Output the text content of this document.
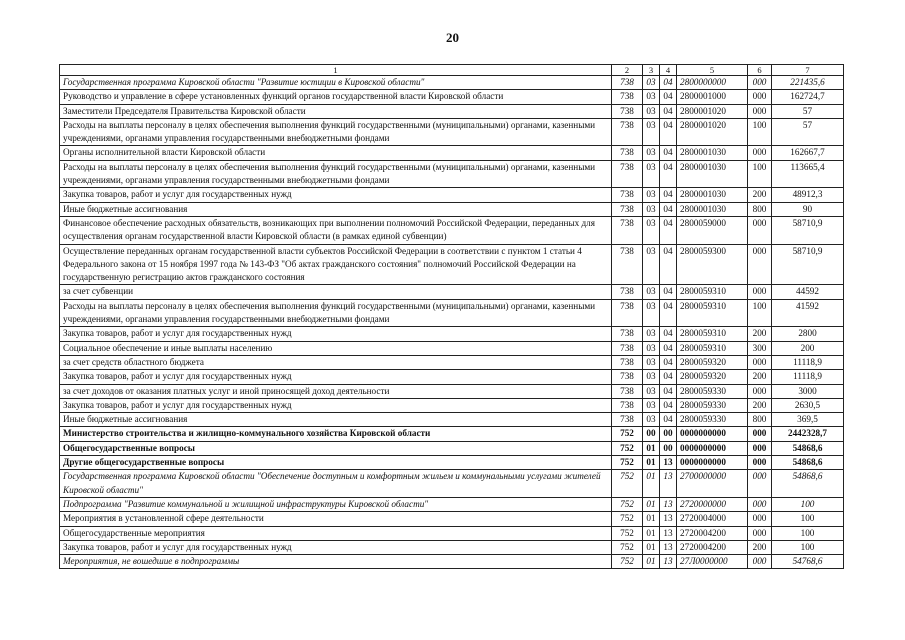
20
1	2	3	4	5	6	7
Государственная программа Кировской области "Развитие юстиции в Кировской области"	738	03	04	2800000000	000	221435,6
Руководство и управление в сфере установленных функций органов государственной власти Кировской области	738	03	04	2800001000	000	162724,7
Заместители Председателя Правительства Кировской области	738	03	04	2800001020	000	57
Расходы на выплаты персоналу в целях обеспечения выполнения функций государственными (муниципальными) органами, казенными учреждениями, органами управления государственными внебюджетными фондами	738	03	04	2800001020	100	57
Органы исполнительной власти Кировской области	738	03	04	2800001030	000	162667,7
Расходы на выплаты персоналу в целях обеспечения выполнения функций государственными (муниципальными) органами, казенными учреждениями, органами управления государственными внебюджетными фондами	738	03	04	2800001030	100	113665,4
Закупка товаров, работ и услуг для государственных нужд	738	03	04	2800001030	200	48912,3
Иные бюджетные ассигнования	738	03	04	2800001030	800	90
Финансовое обеспечение расходных обязательств, возникающих при выполнении полномочий Российской Федерации, переданных для осуществления органам государственной власти Кировской области (в рамках единой субвенции)	738	03	04	2800059000	000	58710,9
Осуществление переданных органам государственной власти субъектов Российской Федерации в соответствии с пунктом 1 статьи 4 Федерального закона от 15 ноября 1997 года № 143-ФЗ "Об актах гражданского состояния" полномочий Российской Федерации на государственную регистрацию актов гражданского состояния	738	03	04	2800059300	000	58710,9
за счет субвенции	738	03	04	2800059310	000	44592
Расходы на выплаты персоналу в целях обеспечения выполнения функций государственными (муниципальными) органами, казенными учреждениями, органами управления государственными внебюджетными фондами	738	03	04	2800059310	100	41592
Закупка товаров, работ и услуг для государственных нужд	738	03	04	2800059310	200	2800
Социальное обеспечение и иные выплаты населению	738	03	04	2800059310	300	200
за счет средств областного бюджета	738	03	04	2800059320	000	11118,9
Закупка товаров, работ и услуг для государственных нужд	738	03	04	2800059320	200	11118,9
за счет доходов от оказания платных услуг и иной приносящей доход деятельности	738	03	04	2800059330	000	3000
Закупка товаров, работ и услуг для государственных нужд	738	03	04	2800059330	200	2630,5
Иные бюджетные ассигнования	738	03	04	2800059330	800	369,5
Министерство строительства и жилищно-коммунального хозяйства Кировской области	752	00	00	0000000000	000	2442328,7
Общегосударственные вопросы	752	01	00	0000000000	000	54868,6
Другие общегосударственные вопросы	752	01	13	0000000000	000	54868,6
Государственная программа Кировской области "Обеспечение доступным и комфортным жильем и коммунальными услугами жителей Кировской области"	752	01	13	2700000000	000	54868,6
Подпрограмма "Развитие коммунальной и жилищной инфраструктуры Кировской области"	752	01	13	2720000000	000	100
Мероприятия в установленной сфере деятельности	752	01	13	2720004000	000	100
Общегосударственные мероприятия	752	01	13	2720004200	000	100
Закупка товаров, работ и услуг для государственных нужд	752	01	13	2720004200	200	100
Мероприятия, не вошедшие в подпрограммы	752	01	13	27Л0000000	000	54768,6
